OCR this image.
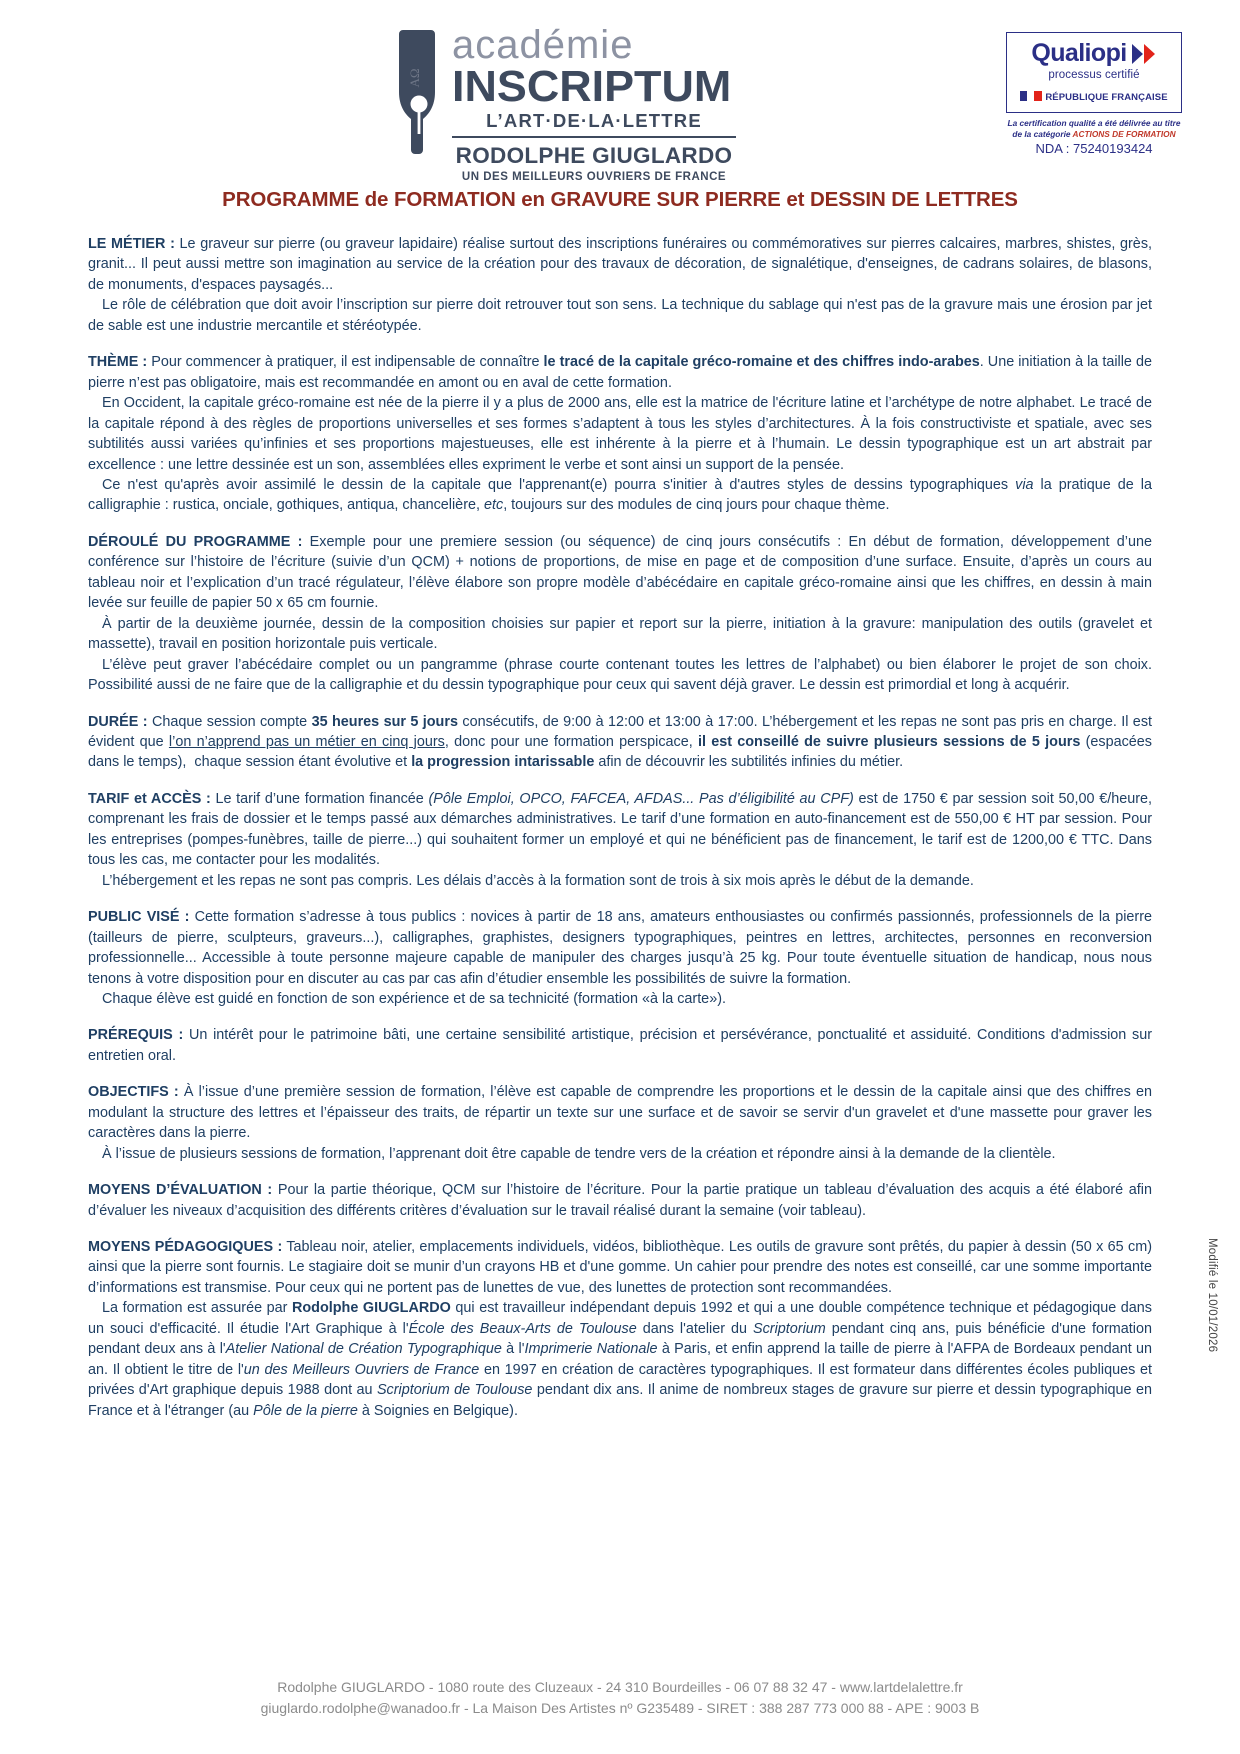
AΩ
académie
INSCRIPTUM
L’ART·DE·LA·LETTRE
RODOLPHE GIUGLARDO
UN DES MEILLEURS OUVRIERS DE FRANCE
Qualiopi
processus certifié
RÉPUBLIQUE FRANÇAISE
La certification qualité a été délivrée au titre
de la catégorie ACTIONS DE FORMATION
NDA : 75240193424
PROGRAMME de FORMATION en GRAVURE SUR PIERRE et DESSIN DE LETTRES

LE MÉTIER : Le graveur sur pierre (ou graveur lapidaire) réalise surtout des inscriptions funéraires ou commémoratives sur pierres calcaires, marbres, shistes, grès, granit... Il peut aussi mettre son imagination au service de la création pour des travaux de décoration, de signalétique, d'enseignes, de cadrans solaires, de blasons, de monuments, d'espaces paysagés...

Le rôle de célébration que doit avoir l’inscription sur pierre doit retrouver tout son sens. La technique du sablage qui n'est pas de la gravure mais une érosion par jet de sable est une industrie mercantile et stéréotypée.

THÈME : Pour commencer à pratiquer, il est indipensable de connaître le tracé de la capitale gréco-romaine et des chiffres indo-arabes. Une initiation à la taille de pierre n’est pas obligatoire, mais est recommandée en amont ou en aval de cette formation.

En Occident, la capitale gréco-romaine est née de la pierre il y a plus de 2000 ans, elle est la matrice de l'écriture latine et l’archétype de notre alphabet. Le tracé de la capitale répond à des règles de proportions universelles et ses formes s’adaptent à tous les styles d’architectures. À la fois constructiviste et spatiale, avec ses subtilités aussi variées qu’infinies et ses proportions majestueuses, elle est inhérente à la pierre et à l’humain. Le dessin typographique est un art abstrait par excellence : une lettre dessinée est un son, assemblées elles expriment le verbe et sont ainsi un support de la pensée.

Ce n'est qu'après avoir assimilé le dessin de la capitale que l'apprenant(e) pourra s'initier à d'autres styles de dessins typographiques via la pratique de la calligraphie : rustica, onciale, gothiques, antiqua, chancelière, etc, toujours sur des modules de cinq jours pour chaque thème.

DÉROULÉ DU PROGRAMME : Exemple pour une premiere session (ou séquence) de cinq jours consécutifs : En début de formation, développement d’une conférence sur l’histoire de l’écriture (suivie d’un QCM) + notions de proportions, de mise en page et de composition d’une surface. Ensuite, d’après un cours au tableau noir et l’explication d’un tracé régulateur, l’élève élabore son propre modèle d’abécédaire en capitale gréco-romaine ainsi que les chiffres, en dessin à main levée sur feuille de papier 50 x 65 cm fournie.

À partir de la deuxième journée, dessin de la composition choisies sur papier et report sur la pierre, initiation à la gravure: manipulation des outils (gravelet et massette), travail en position horizontale puis verticale.

L’élève peut graver l’abécédaire complet ou un pangramme (phrase courte contenant toutes les lettres de l’alphabet) ou bien élaborer le projet de son choix. Possibilité aussi de ne faire que de la calligraphie et du dessin typographique pour ceux qui savent déjà graver. Le dessin est primordial et long à acquérir.

DURÉE : Chaque session compte 35 heures sur 5 jours consécutifs, de 9:00 à 12:00 et 13:00 à 17:00. L’hébergement et les repas ne sont pas pris en charge. Il est évident que l’on n’apprend pas un métier en cinq jours, donc pour une formation perspicace, il est conseillé de suivre plusieurs sessions de 5 jours (espacées dans le temps),  chaque session étant évolutive et la progression intarissable afin de découvrir les subtilités infinies du métier.

TARIF et ACCÈS : Le tarif d’une formation financée (Pôle Emploi, OPCO, FAFCEA, AFDAS... Pas d’éligibilité au CPF) est de 1750 € par session soit 50,00 €/heure, comprenant les frais de dossier et le temps passé aux démarches administratives. Le tarif d’une formation en auto-financement est de 550,00 € HT par session. Pour les entreprises (pompes-funèbres, taille de pierre...) qui souhaitent former un employé et qui ne bénéficient pas de financement, le tarif est de 1200,00 € TTC. Dans tous les cas, me contacter pour les modalités.

L’hébergement et les repas ne sont pas compris. Les délais d’accès à la formation sont de trois à six mois après le début de la demande.

PUBLIC VISÉ : Cette formation s’adresse à tous publics : novices à partir de 18 ans, amateurs enthousiastes ou confirmés passionnés, professionnels de la pierre (tailleurs de pierre, sculpteurs, graveurs...), calligraphes, graphistes, designers typographiques, peintres en lettres, architectes, personnes en reconversion professionnelle... Accessible à toute personne majeure capable de manipuler des charges jusqu’à 25 kg. Pour toute éventuelle situation de handicap, nous nous tenons à votre disposition pour en discuter au cas par cas afin d’étudier ensemble les possibilités de suivre la formation.

Chaque élève est guidé en fonction de son expérience et de sa technicité (formation «à la carte»).

PRÉREQUIS : Un intérêt pour le patrimoine bâti, une certaine sensibilité artistique, précision et persévérance, ponctualité et assiduité. Conditions d'admission sur entretien oral.

OBJECTIFS : À l’issue d’une première session de formation, l’élève est capable de comprendre les proportions et le dessin de la capitale ainsi que des chiffres en modulant la structure des lettres et l’épaisseur des traits, de répartir un texte sur une surface et de savoir se servir d'un gravelet et d'une massette pour graver les caractères dans la pierre.

À l’issue de plusieurs sessions de formation, l’apprenant doit être capable de tendre vers de la création et répondre ainsi à la demande de la clientèle.

MOYENS D’ÉVALUATION : Pour la partie théorique, QCM sur l’histoire de l’écriture. Pour la partie pratique un tableau d’évaluation des acquis a été élaboré afin d’évaluer les niveaux d’acquisition des différents critères d’évaluation sur le travail réalisé durant la semaine (voir tableau).

MOYENS PÉDAGOGIQUES : Tableau noir, atelier, emplacements individuels, vidéos, bibliothèque. Les outils de gravure sont prêtés, du papier à dessin (50 x 65 cm) ainsi que la pierre sont fournis. Le stagiaire doit se munir d’un crayons HB et d'une gomme. Un cahier pour prendre des notes est conseillé, car une somme importante d’informations est transmise. Pour ceux qui ne portent pas de lunettes de vue, des lunettes de protection sont recommandées.

La formation est assurée par Rodolphe GIUGLARDO qui est travailleur indépendant depuis 1992 et qui a une double compétence technique et pédagogique dans un souci d'efficacité. Il étudie l'Art Graphique à l'École des Beaux-Arts de Toulouse dans l'atelier du Scriptorium pendant cinq ans, puis bénéficie d'une formation pendant deux ans à l'Atelier National de Création Typographique à l'Imprimerie Nationale à Paris, et enfin apprend la taille de pierre à l'AFPA de Bordeaux pendant un an. Il obtient le titre de l'un des Meilleurs Ouvriers de France en 1997 en création de caractères typographiques. Il est formateur dans différentes écoles publiques et privées d'Art graphique depuis 1988 dont au Scriptorium de Toulouse pendant dix ans. Il anime de nombreux stages de gravure sur pierre et dessin typographique en France et à l'étranger (au Pôle de la pierre à Soignies en Belgique).

Modifié le 10/01/2026
Rodolphe GIUGLARDO - 1080 route des Cluzeaux - 24 310 Bourdeilles - 06 07 88 32 47 - www.lartdelalettre.fr
giuglardo.rodolphe@wanadoo.fr - La Maison Des Artistes nº G235489 - SIRET : 388 287 773 000 88 - APE : 9003 B
